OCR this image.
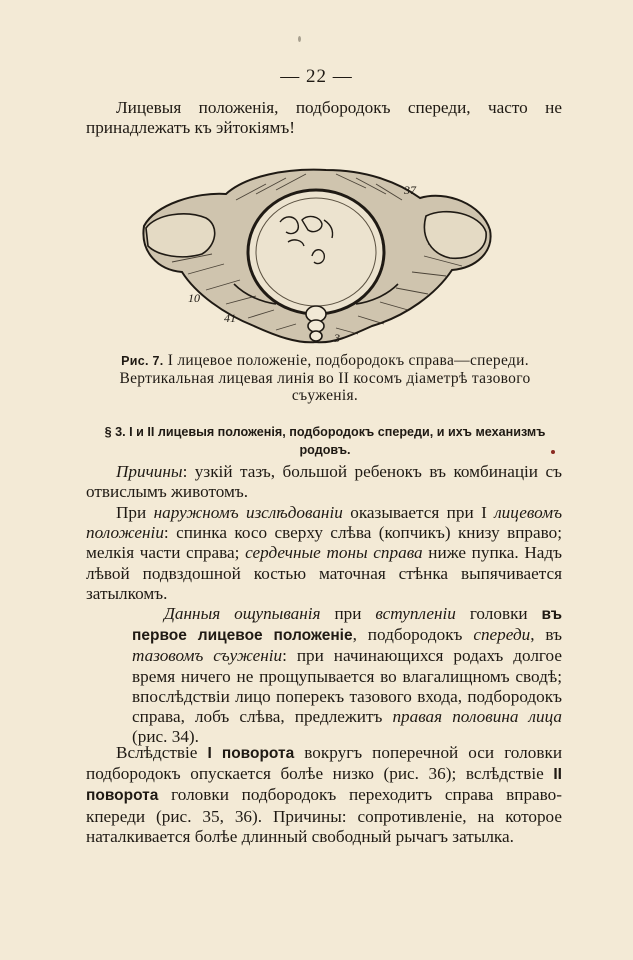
— 22 —
Лицевыя положенія, подбородокъ спереди, часто не принадлежатъ къ эйтокіямъ!
37
10
41
3
Рис. 7. I лицевое положеніе, подбородокъ справа—спереди. Вертикальная лицевая линія во II косомъ діаметрѣ тазового съуженія.
§ 3. I и II лицевыя положенія, подбородокъ спереди, и ихъ механизмъ родовъ.
Причины: узкій тазъ, большой ребенокъ въ комбинаціи съ отвислымъ животомъ.
При наружномъ изслѣдованіи оказывается при I лицевомъ положеніи: спинка косо сверху слѣва (копчикъ) книзу вправо; мелкія части справа; сердечные тоны справа ниже пупка. Надъ лѣвой подвздошной костью маточная стѣнка выпячивается затылкомъ.
Данныя ощупыванія при вступленіи головки въ первое лицевое положеніе, подбородокъ спереди, въ тазовомъ съуженіи: при начинающихся родахъ долгое время ничего не прощупывается во влагалищномъ сводѣ; впослѣдствіи лицо поперекъ тазового входа, подбородокъ справа, лобъ слѣва, предлежитъ правая половина лица (рис. 34).
Вслѣдствіе I поворота вокругъ поперечной оси головки подбородокъ опускается болѣе низко (рис. 36); вслѣдствіе II поворота головки подбородокъ переходитъ справа вправо-кпереди (рис. 35, 36). Причины: сопротивленіе, на которое наталкивается болѣе длинный свободный рычагъ затылка.
